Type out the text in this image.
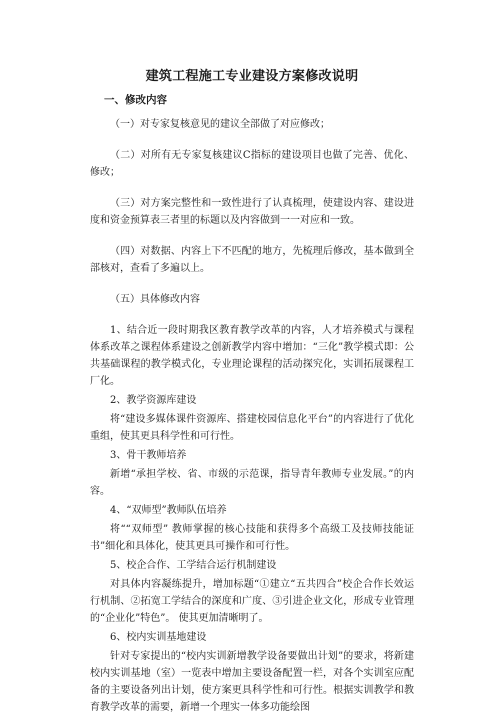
建筑工程施工专业建设方案修改说明
一、修改内容

（一）对专家复核意见的建议全部做了对应修改；

（二）对所有无专家复核建议C指标的建设项目也做了完善、优化、修改；

（三）对方案完整性和一致性进行了认真梳理，使建设内容、建设进度和资金预算表三者里的标题以及内容做到一一对应和一致。

（四）对数据、内容上下不匹配的地方，先梳理后修改，基本做到全部核对，查看了多遍以上。

（五）具体修改内容

1、结合近一段时期我区教育教学改革的内容，人才培养模式与课程体系改革之课程体系建设之创新教学内容中增加：“三化”教学模式即：公共基础课程的教学模式化，专业理论课程的活动探究化，实训拓展课程工厂化。

2、教学资源库建设

将“建设多媒体课件资源库、搭建校园信息化平台”的内容进行了优化重组，使其更具科学性和可行性。

3、骨干教师培养

新增“承担学校、省、市级的示范课，指导青年教师专业发展。”的内容。

4、“双师型”教师队伍培养

将““双师型” 教师掌握的核心技能和获得多个高级工及技师技能证书”细化和具体化，使其更具可操作和可行性。

5、校企合作、工学结合运行机制建设

对具体内容凝练提升，增加标题“①建立“五共四合”校企合作长效运行机制、②拓宽工学结合的深度和广度、③引进企业文化，形成专业管理的“企业化”特色”。 使其更加清晰明了。

6、校内实训基地建设

针对专家提出的“校内实训新增教学设备要做出计划”的要求，将新建校内实训基地（室）一览表中增加主要设备配置一栏，对各个实训室应配备的主要设备列出计划，使方案更具科学性和可行性。根据实训教学和教育教学改革的需要，新增一个理实一体多功能绘图
